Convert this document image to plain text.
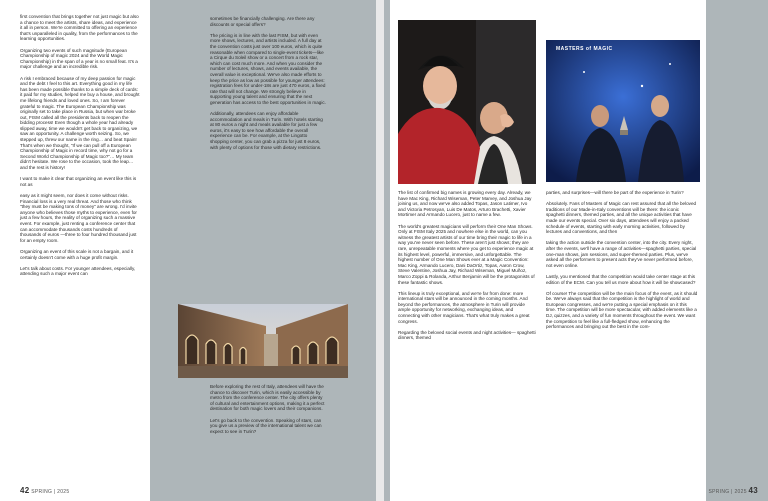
first convention that brings together not just magic but also a chance to meet the artists, share ideas, and experience it all in person. We're committed to offering an experience that's unparalleled in quality, from the performances to the learning opportunities.

Organizing two events of such magnitude (European Championship of magic 2024 and the World Magic Championship) in the span of a year is no small feat. It's a major challenge and an incredible risk.

A risk I embraced because of my deep passion for magic and the debt I feel to this art. Everything good in my life has been made possible thanks to a simple deck of cards: it paid for my studies, helped me buy a house, and brought me lifelong friends and loved ones. So, I am forever grateful to magic. The European Championship was originally set to take place in Russia, but when war broke out, FISM called all the presidents back to reopen the bidding process! Even though a whole year had already slipped away, time we wouldn't get back to organizing, we saw an opportunity. A challenge worth seizing. So, we stepped up, threw our name in the ring… and beat Spain! That's when we thought, "If we can pull off a European Championship of Magic in record time, why not go for a Second World Championship of Magic too?"… My team didn't hesitate. We rose to the occasion, took the leap… and the rest is history!

I want to make it clear that organizing an event like this is not as

easy as it might seem, nor does it come without risks. Financial loss is a very real threat. And those who think "they must be making tons of money" are wrong. I'd invite anyone who believes those myths to experience, even for just a few hours, the reality of organizing such a massive event. For example, just renting a conference center that can accommodate thousands costs hundreds of thousands of euros —three to four hundred thousand just for an empty room.

Organizing an event of this scale is not a bargain, and it certainly doesn't come with a huge profit margin.

Let's talk about costs. For younger attendees, especially, attending such a major event can

sometimes be financially challenging. Are there any discounts or special offers?

The pricing is in line with the last FISM, but with even more shows, lectures, and artists included. A full day at the convention costs just over 100 euros, which is quite reasonable when compared to single-event tickets—like a Cirque du Soleil show or a concert from a rock star, which can cost much more. And when you consider the number of lectures, shows, and events available, the overall value is exceptional. We've also made efforts to keep the price as low as possible for younger attendees: registration fees for under-18s are just 470 euros, a fixed rate that will not change. We strongly believe in supporting young talent and ensuring that the next generation has access to the best opportunities in magic.

Additionally, attendees can enjoy affordable accommodation and meals in Turin. With hotels starting at 80 euros a night and meals available for just a few euros, it's easy to see how affordable the overall experience can be. For example, at the Lingotto shopping center, you can grab a pizza for just 8 euros, with plenty of options for those with dietary restrictions.

Before exploring the rest of Italy, attendees will have the chance to discover Turin, which is easily accessible by metro from the conference center. The city offers plenty of cultural and entertainment options, making it a perfect destination for both magic lovers and their companions.

Let's go back to the convention. Speaking of stars, can you give us a preview of the international talent we can expect to see in Turin?

42 SPRING | 2025
MASTERS of MAGIC

The list of confirmed big names is growing every day. Already, we have Mac King, Richard Wiseman, Peter Marvey, and Joshua Jay joining us, and now we've also added Topas, Jason Latimer, Ivo and Victoria Petrosyan, Luis De Matos, Arturo Brachetti, Xavier Mortimer and Armando Lucero, just to name a few.

The world's greatest magicians will perform their One Man Shows. Only at FISM Italy 2025 and nowhere else in the world, can you witness the greatest artists of our time bring their magic to life in a way you've never seen before. These aren't just shows; they are rare, unrepeatable moments where you get to experience magic at its highest level, powerful, immersive, and unforgettable. The highest number of One Man Shows ever at a Magic Convention: Mac King, Armando Lucero, Dani DaOrtiz, Topas, Aaron Crow, Steve Valentine, Joshua Jay, Richard Wiseman, Miguel Muñoz, Marco Zoppi & Rolanda, Arthur Benjamin will be the protagonists of these fantastic shows.

This lineup is truly exceptional, and we're far from done: more international stars will be announced in the coming months. And beyond the performances, the atmosphere in Turin will provide ample opportunity for networking, exchanging ideas, and connecting with other magicians. That's what truly makes a great congress.

Regarding the beloved social events and night activities— spaghetti dinners, themed

parties, and surprises—will there be part of the experience in Turin?

Absolutely. Fans of Masters of Magic can rest assured that all the beloved traditions of our Made-in-Italy conventions will be there: the iconic spaghetti dinners, themed parties, and all the unique activities that have made our events special. Over six days, attendees will enjoy a packed schedule of events, starting with early morning activities, followed by lectures and conventions, and then

taking the action outside the convention center, into the city. Every night, after the events, we'll have a range of activities—spaghetti parties, special one-man shows, jam sessions, and super-themed parties. Plus, we've asked all the performers to present acts they've never performed before, not even online.

Lastly, you mentioned that the competition would take center stage at this edition of the ECM. Can you tell us more about how it will be showcased?

Of course! The competition will be the main focus of the event, as it should be. We've always said that the competition is the highlight of world and European congresses, and we're putting a special emphasis on it this time. The competition will be more spectacular, with added elements like a DJ, quizzes, and a variety of fun moments throughout the event. We want the competition to feel like a full-fledged show, enhancing the performances and bringing out the best in the com-

SPRING | 2025 43
